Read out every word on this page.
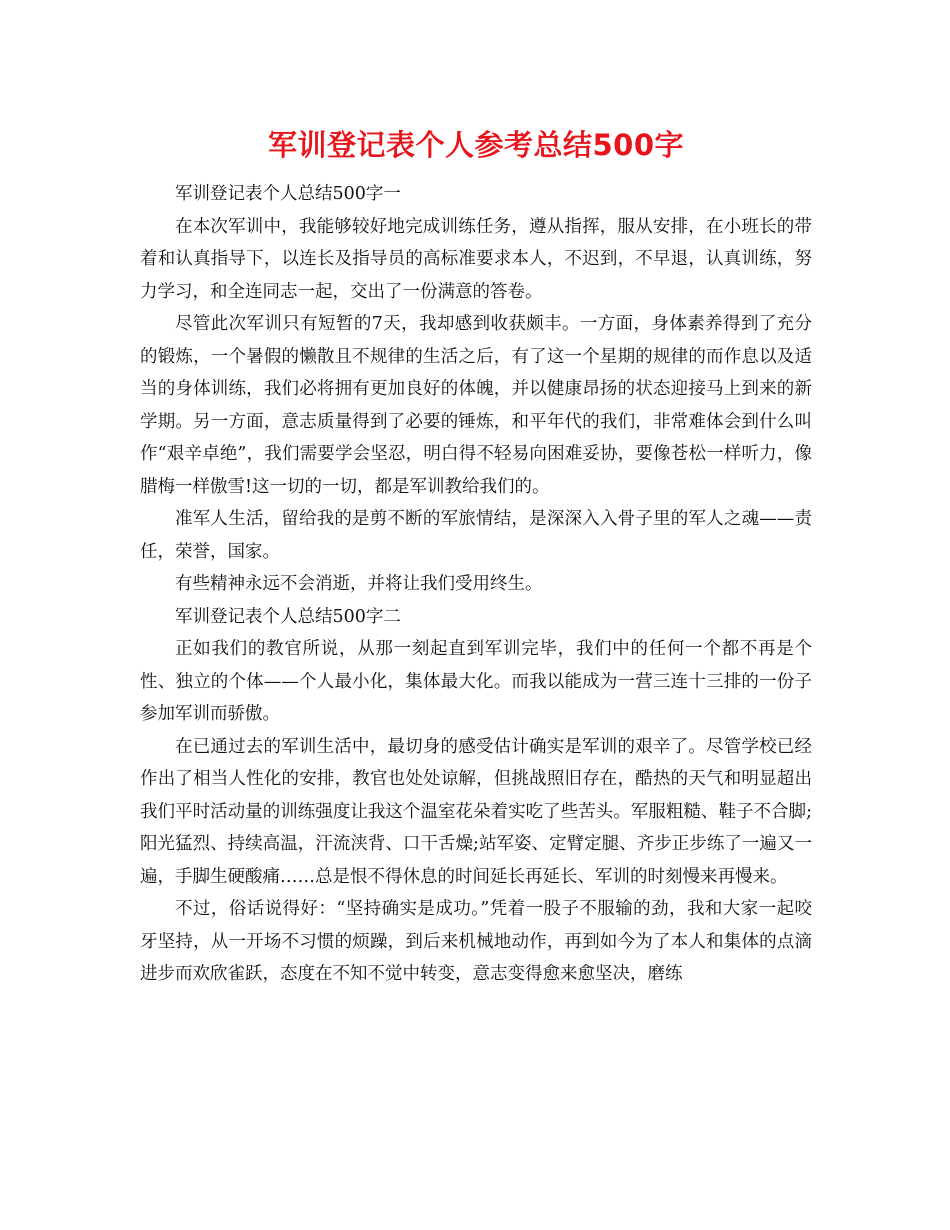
军训登记表个人参考总结500字

军训登记表个人总结500字一

在本次军训中，我能够较好地完成训练任务，遵从指挥，服从安排，在小班长的带着和认真指导下，以连长及指导员的高标准要求本人，不迟到，不早退，认真训练，努力学习，和全连同志一起，交出了一份满意的答卷。

尽管此次军训只有短暂的7天，我却感到收获颇丰。一方面，身体素养得到了充分的锻炼，一个暑假的懒散且不规律的生活之后，有了这一个星期的规律的而作息以及适当的身体训练，我们必将拥有更加良好的体魄，并以健康昂扬的状态迎接马上到来的新学期。另一方面，意志质量得到了必要的锤炼，和平年代的我们，非常难体会到什么叫作“艰辛卓绝”，我们需要学会坚忍，明白得不轻易向困难妥协，要像苍松一样听力，像腊梅一样傲雪!这一切的一切，都是军训教给我们的。

准军人生活，留给我的是剪不断的军旅情结，是深深入入骨子里的军人之魂——责任，荣誉，国家。

有些精神永远不会消逝，并将让我们受用终生。

军训登记表个人总结500字二

正如我们的教官所说，从那一刻起直到军训完毕，我们中的任何一个都不再是个性、独立的个体——个人最小化，集体最大化。而我以能成为一营三连十三排的一份子参加军训而骄傲。

在已通过去的军训生活中，最切身的感受估计确实是军训的艰辛了。尽管学校已经作出了相当人性化的安排，教官也处处谅解，但挑战照旧存在，酷热的天气和明显超出我们平时活动量的训练强度让我这个温室花朵着实吃了些苦头。军服粗糙、鞋子不合脚;阳光猛烈、持续高温，汗流浃背、口干舌燥;站军姿、定臂定腿、齐步正步练了一遍又一遍，手脚生硬酸痛……总是恨不得休息的时间延长再延长、军训的时刻慢来再慢来。

不过，俗话说得好：“坚持确实是成功。”凭着一股子不服输的劲，我和大家一起咬牙坚持，从一开场不习惯的烦躁，到后来机械地动作，再到如今为了本人和集体的点滴进步而欢欣雀跃，态度在不知不觉中转变，意志变得愈来愈坚决，磨练
